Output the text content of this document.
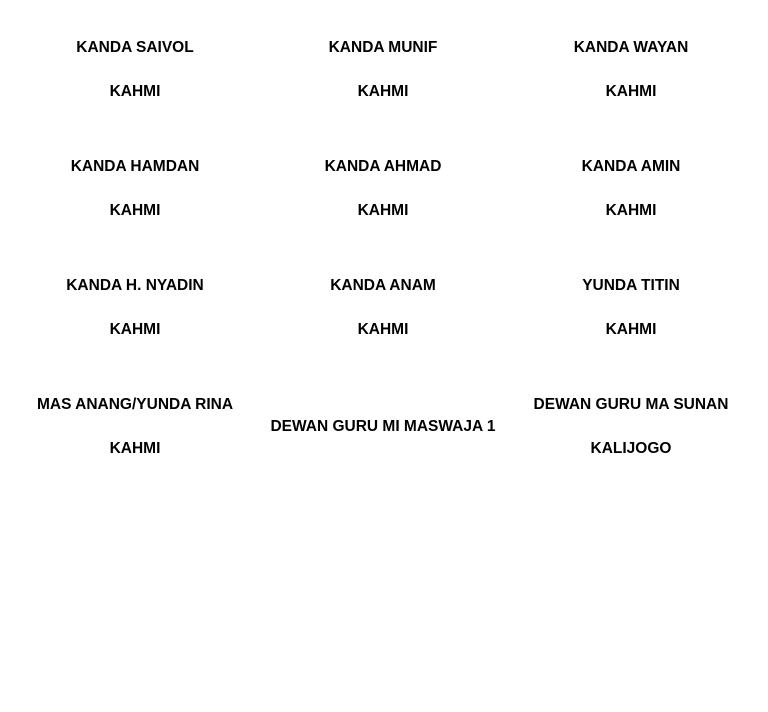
KANDA SAIVOL

KAHMI

KANDA MUNIF

KAHMI

KANDA WAYAN

KAHMI

KANDA HAMDAN

KAHMI

KANDA AHMAD

KAHMI

KANDA AMIN

KAHMI

KANDA H. NYADIN

KAHMI

KANDA ANAM

KAHMI

YUNDA TITIN

KAHMI

MAS ANANG/YUNDA RINA

KAHMI

DEWAN GURU MI MASWAJA 1

DEWAN GURU MA SUNAN

KALIJOGO
